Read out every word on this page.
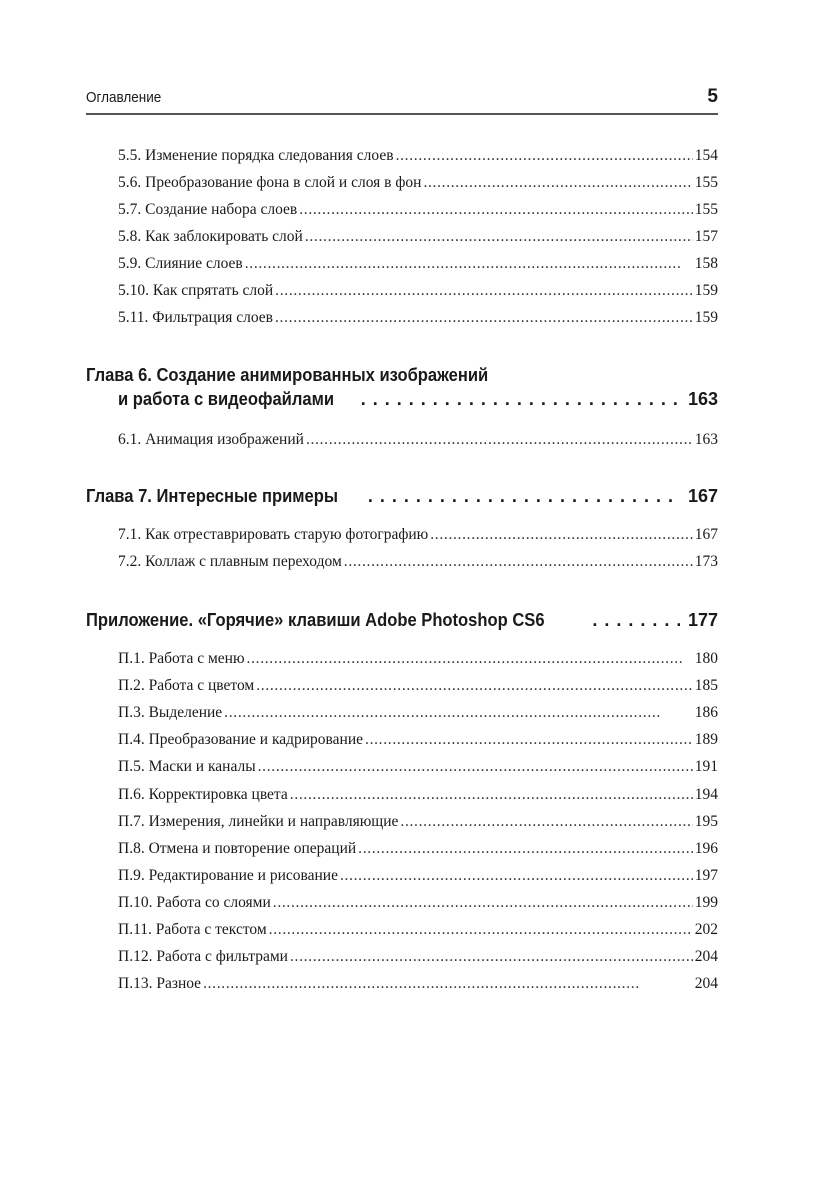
Оглавление	5
5.5. Изменение порядка следования слоев . . .	154
5.6. Преобразование фона в слой и слоя в фон . . .	155
5.7. Создание набора слоев . . .	155
5.8. Как заблокировать слой . . .	157
5.9. Слияние слоев . . .	158
5.10. Как спрятать слой . . .	159
5.11. Фильтрация слоев . . .	159
Глава 6. Создание анимированных изображений
и работа с видеофайлами . . .	163
6.1. Анимация изображений . . .	163
Глава 7. Интересные примеры . . .	167
7.1. Как отреставрировать старую фотографию . . .	167
7.2. Коллаж с плавным переходом . . .	173
Приложение. «Горячие» клавиши Adobe Photoshop CS6 . . .	177
П.1. Работа с меню . . .	180
П.2. Работа с цветом . . .	185
П.3. Выделение . . .	186
П.4. Преобразование и кадрирование . . .	189
П.5. Маски и каналы . . .	191
П.6. Корректировка цвета . . .	194
П.7. Измерения, линейки и направляющие . . .	195
П.8. Отмена и повторение операций . . .	196
П.9. Редактирование и рисование . . .	197
П.10. Работа со слоями . . .	199
П.11. Работа с текстом . . .	202
П.12. Работа с фильтрами . . .	204
П.13. Разное . . .	204
